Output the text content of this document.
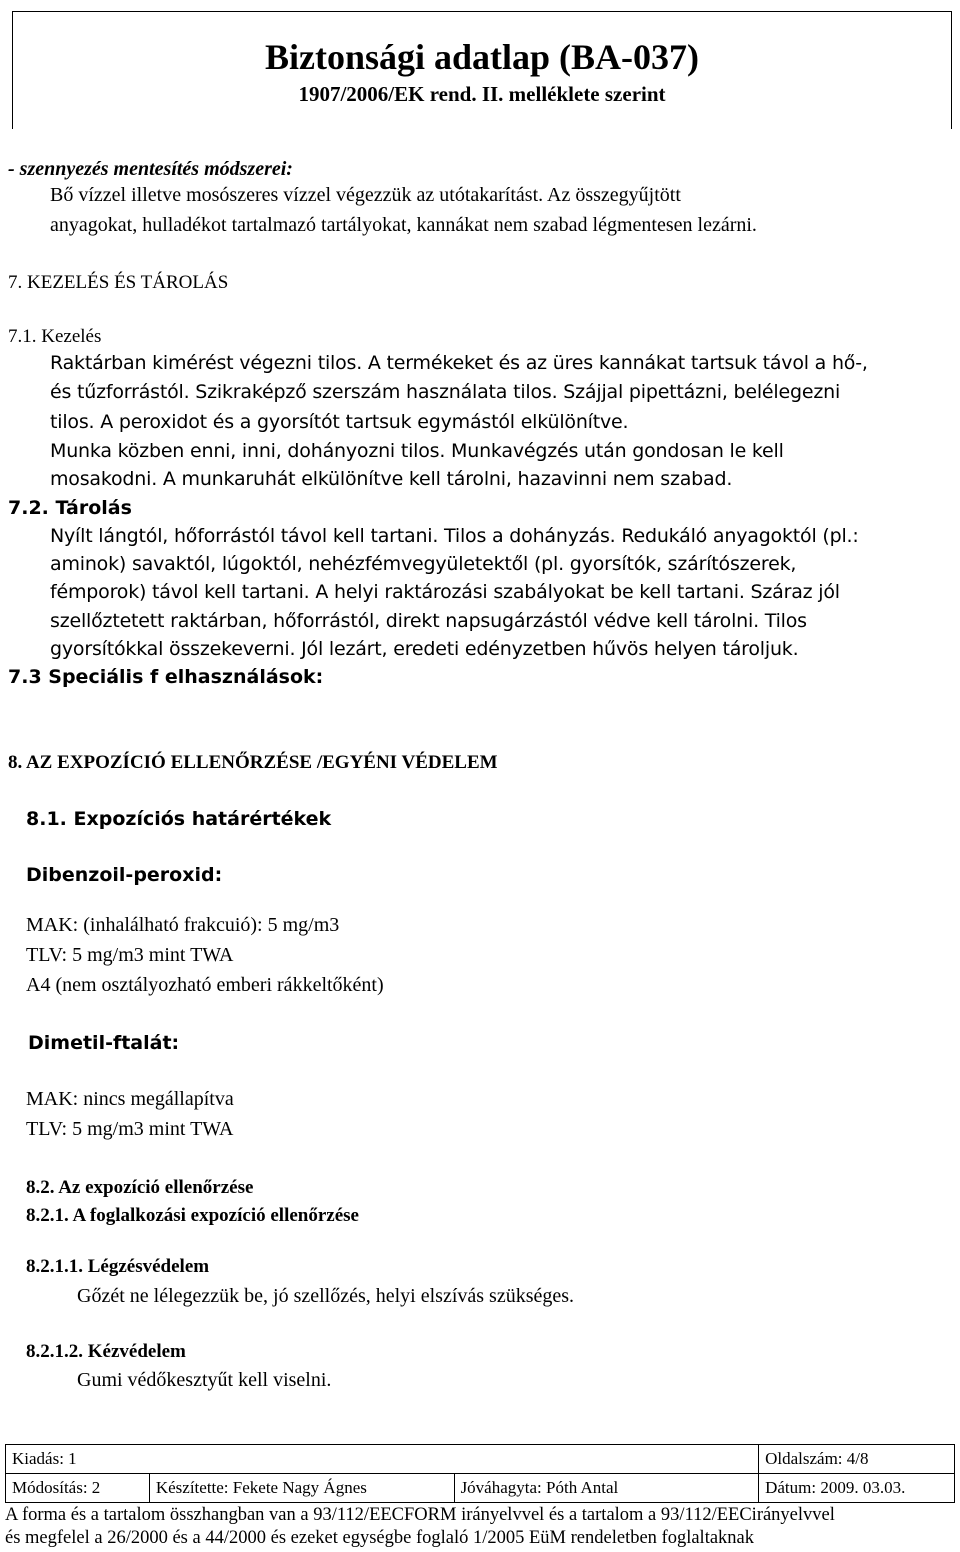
Biztonsági adatlap (BA-037)
1907/2006/EK rend. II. melléklete szerint
- szennyezés mentesítés módszerei:
Bő vízzel illetve mosószeres vízzel végezzük az utótakarítást. Az összegyűjtött
anyagokat, hulladékot tartalmazó tartályokat, kannákat nem szabad légmentesen lezárni.
7. KEZELÉS ÉS TÁROLÁS
7.1. Kezelés
Raktárban kimérést végezni tilos. A termékeket és az üres kannákat tartsuk távol a hő-,
és tűzforrástól. Szikraképző szerszám használata tilos. Szájjal pipettázni, belélegezni
tilos. A peroxidot és a gyorsítót tartsuk egymástól elkülönítve.
Munka közben enni, inni, dohányozni tilos. Munkavégzés után gondosan le kell
mosakodni. A munkaruhát elkülönítve kell tárolni, hazavinni nem szabad.
7.2. Tárolás
Nyílt lángtól, hőforrástól távol kell tartani. Tilos a dohányzás. Redukáló anyagoktól (pl.:
aminok) savaktól, lúgoktól, nehézfémvegyületektől (pl. gyorsítók, szárítószerek,
fémporok) távol kell tartani. A helyi raktározási szabályokat be kell tartani. Száraz jól
szellőztetett raktárban, hőforrástól, direkt napsugárzástól védve kell tárolni. Tilos
gyorsítókkal összekeverni. Jól lezárt, eredeti edényzetben hűvös helyen tároljuk.
7.3 Speciális f elhasználások:
8. AZ EXPOZÍCIÓ ELLENŐRZÉSE /EGYÉNI VÉDELEM
8.1. Expozíciós határértékek
Dibenzoil-peroxid:
MAK: (inhalálható frakcuió): 5 mg/m3
TLV: 5 mg/m3 mint TWA
A4 (nem osztályozható emberi rákkeltőként)
Dimetil-ftalát:
MAK: nincs megállapítva
TLV: 5 mg/m3 mint TWA
8.2. Az expozíció ellenőrzése
8.2.1. A foglalkozási expozíció ellenőrzése
8.2.1.1. Légzésvédelem
Gőzét ne lélegezzük be, jó szellőzés, helyi elszívás szükséges.
8.2.1.2. Kézvédelem
Gumi védőkesztyűt kell viselni.
Kiadás: 1			Oldalszám: 4/8
Módosítás: 2	Készítette: Fekete Nagy Ágnes	Jóváhagyta: Póth Antal	Dátum: 2009. 03.03.
A forma és a tartalom összhangban van a 93/112/EECFORM irányelvvel és a tartalom a 93/112/EECirányelvvel
és megfelel a 26/2000 és a 44/2000 és ezeket egységbe foglaló 1/2005 EüM rendeletben foglaltaknak
